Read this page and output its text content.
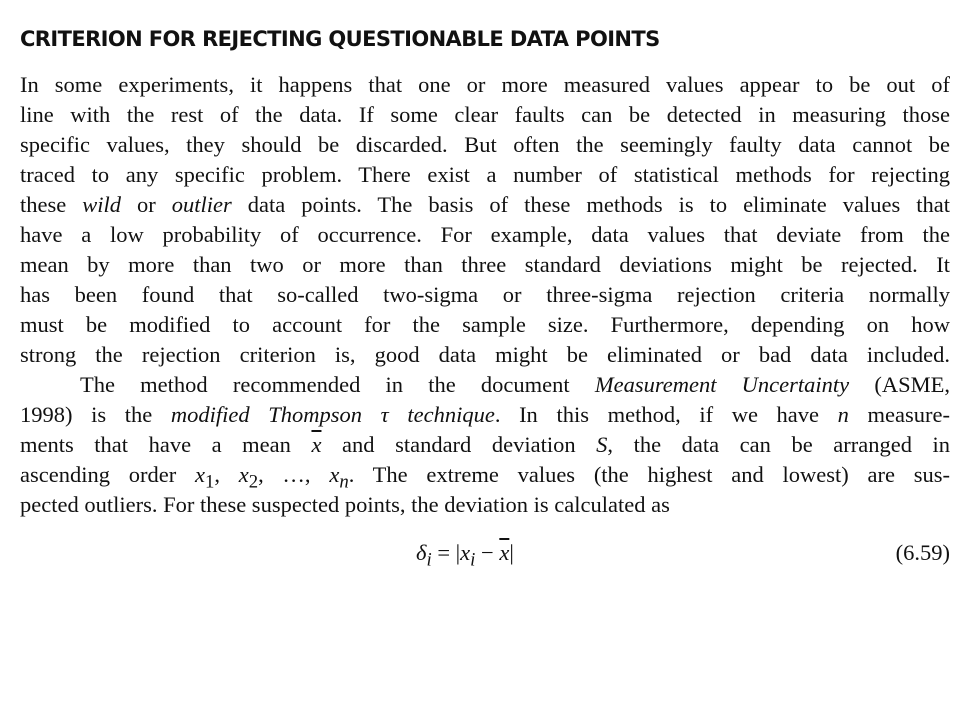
CRITERION FOR REJECTING QUESTIONABLE DATA POINTS
In some experiments, it happens that one or more measured values appear to be out of
line with the rest of the data. If some clear faults can be detected in measuring those
specific values, they should be discarded. But often the seemingly faulty data cannot be
traced to any specific problem. There exist a number of statistical methods for rejecting
these wild or outlier data points. The basis of these methods is to eliminate values that
have a low probability of occurrence. For example, data values that deviate from the
mean by more than two or more than three standard deviations might be rejected. It
has been found that so-called two-sigma or three-sigma rejection criteria normally
must be modified to account for the sample size. Furthermore, depending on how
strong the rejection criterion is, good data might be eliminated or bad data included.
The method recommended in the document Measurement Uncertainty (ASME,
1998) is the modified Thompson τ technique. In this method, if we have n measure-
ments that have a mean $\overline{x}$ and standard deviation S, the data can be arranged in
ascending order $x_1$, $x_2$, …, $x_n$. The extreme values (the highest and lowest) are sus-
pected outliers. For these suspected points, the deviation is calculated as
$\delta_i = |x_i - \overline{x}|$	(6.59)
